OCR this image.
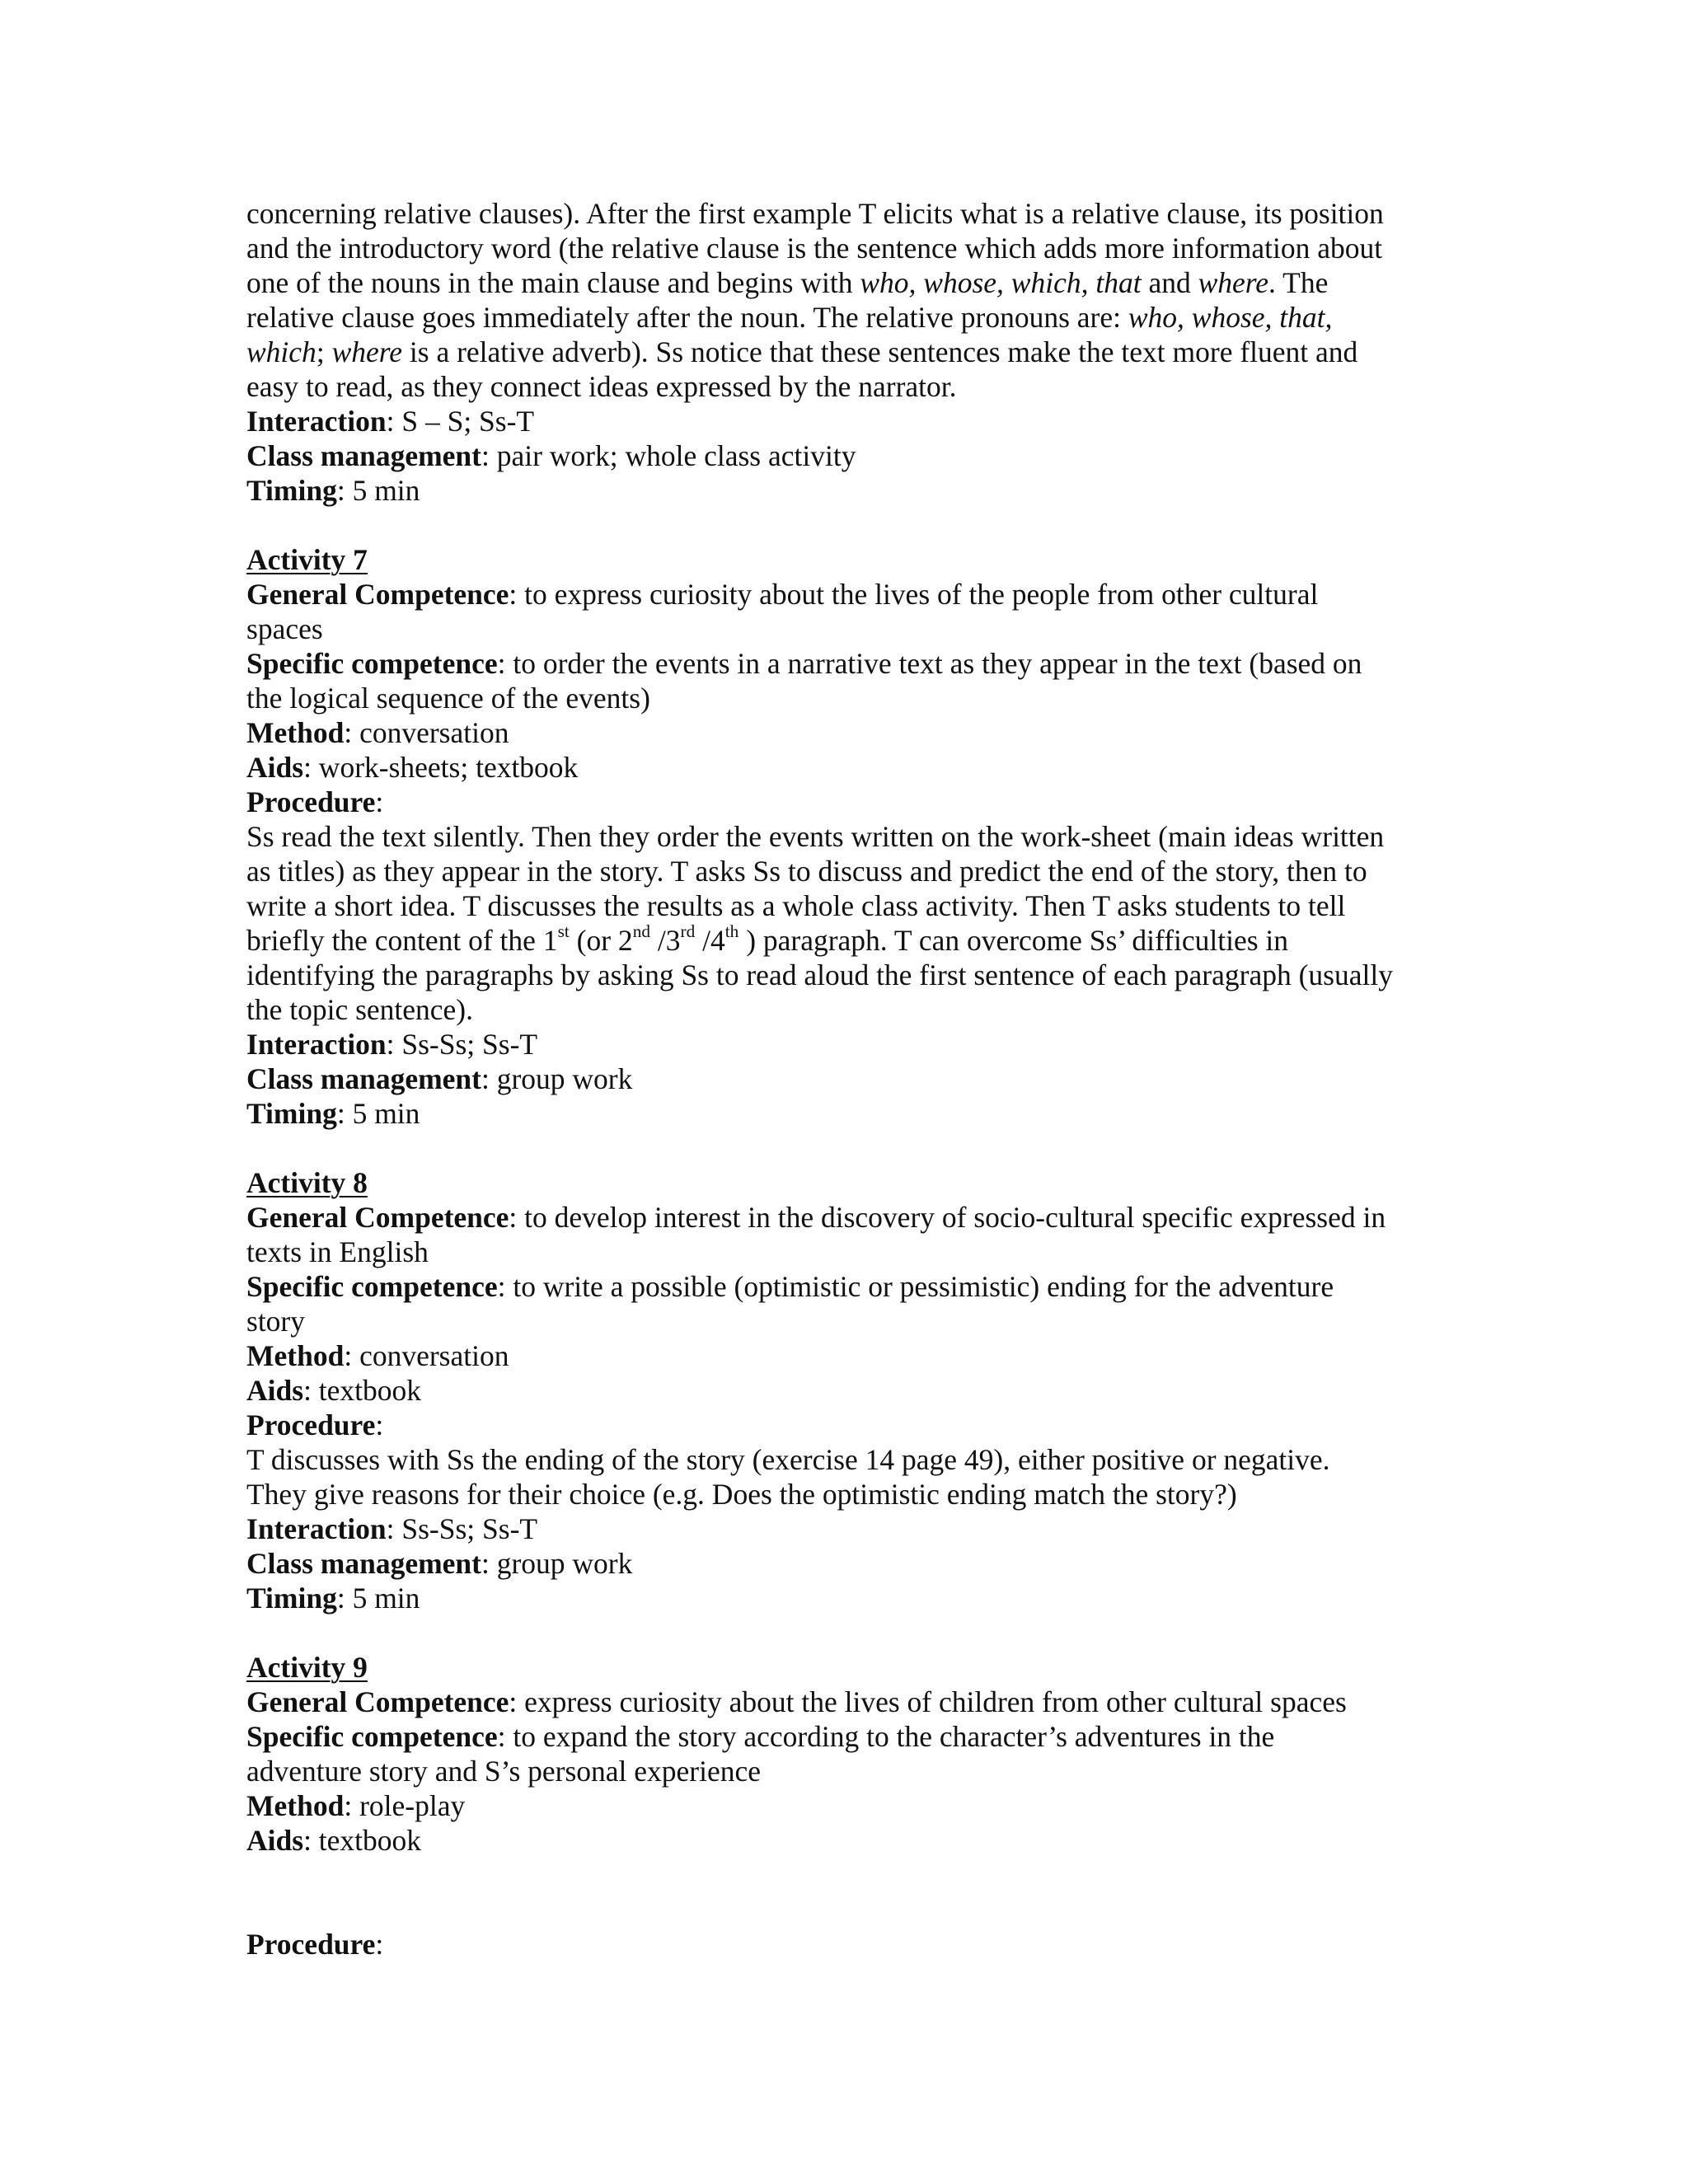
concerning relative clauses). After the first example T elicits what is a relative clause, its position
and the introductory word (the relative clause is the sentence which adds more information about
one of the nouns in the main clause and begins with who, whose, which, that and where. The
relative clause goes immediately after the noun. The relative pronouns are: who, whose, that,
which; where is a relative adverb). Ss notice that these sentences make the text more fluent and
easy to read, as they connect ideas expressed by the narrator.
Interaction: S – S; Ss-T
Class management: pair work; whole class activity
Timing: 5 min
Activity 7
General Competence: to express curiosity about the lives of the people from other cultural
spaces
Specific competence: to order the events in a narrative text as they appear in the text (based on
the logical sequence of the events)
Method: conversation
Aids: work-sheets; textbook
Procedure:
Ss read the text silently. Then they order the events written on the work-sheet (main ideas written
as titles) as they appear in the story. T asks Ss to discuss and predict the end of the story, then to
write a short idea. T discusses the results as a whole class activity. Then T asks students to tell
briefly the content of the 1st (or 2nd /3rd /4th ) paragraph. T can overcome Ss’ difficulties in
identifying the paragraphs by asking Ss to read aloud the first sentence of each paragraph (usually
the topic sentence).
Interaction: Ss-Ss; Ss-T
Class management: group work
Timing: 5 min
Activity 8
General Competence: to develop interest in the discovery of socio-cultural specific expressed in
texts in English
Specific competence: to write a possible (optimistic or pessimistic) ending for the adventure
story
Method: conversation
Aids: textbook
Procedure:
T discusses with Ss the ending of the story (exercise 14 page 49), either positive or negative.
They give reasons for their choice (e.g. Does the optimistic ending match the story?)
Interaction: Ss-Ss; Ss-T
Class management: group work
Timing: 5 min
Activity 9
General Competence: express curiosity about the lives of children from other cultural spaces
Specific competence: to expand the story according to the character’s adventures in the
adventure story and S’s personal experience
Method: role-play
Aids: textbook
Procedure:
